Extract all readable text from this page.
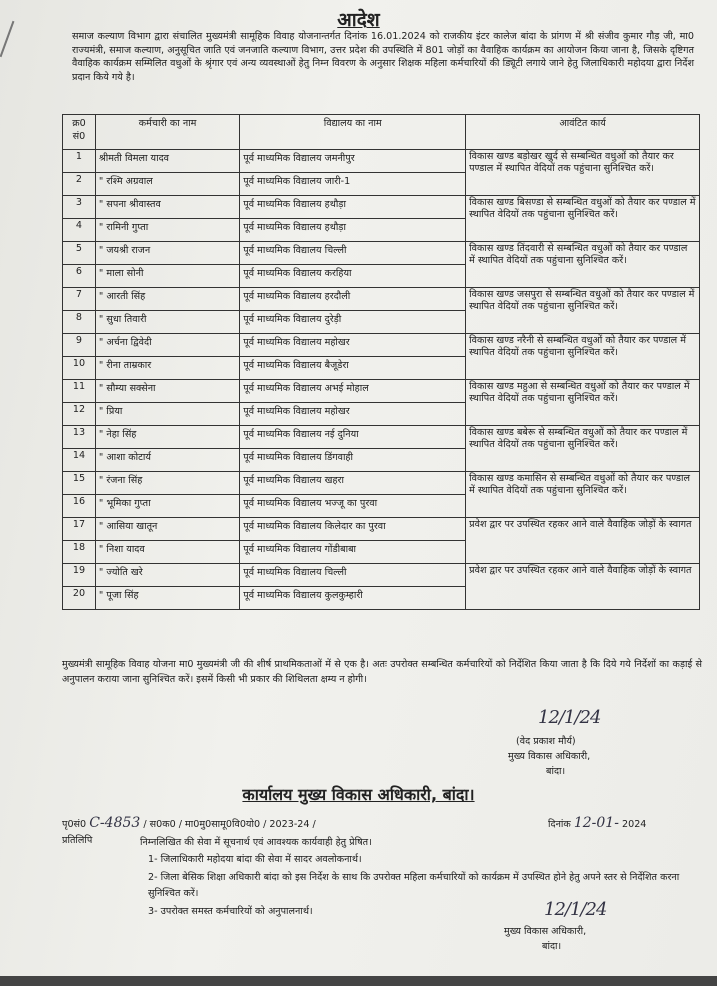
आदेश
समाज कल्याण विभाग द्वारा संचालित मुख्यमंत्री सामूहिक विवाह योजनान्तर्गत दिनांक 16.01.2024 को राजकीय इंटर कालेज बांदा के प्रांगण में श्री संजीव कुमार गौड़ जी, मा0 राज्यमंत्री, समाज कल्याण, अनुसूचित जाति एवं जनजाति कल्याण विभाग, उत्तर प्रदेश की उपस्थिति में 801 जोड़ों का वैवाहिक कार्यक्रम का आयोजन किया जाना है, जिसके दृष्टिगत वैवाहिक कार्यक्रम सम्मिलित वधुओं के श्रृंगार एवं अन्य व्यवस्थाओं हेतु निम्न विवरण के अनुसार शिक्षक महिला कर्मचारियों की ड्यिूटी लगाये जाने हेतु जिलाधिकारी महोदया द्वारा निर्देश प्रदान किये गये है।
क्र0 सं0	कर्मचारी का नाम	विद्यालय का नाम	आवंटित कार्य
1	श्रीमती विमला यादव	पूर्व माध्यमिक विद्यालय जमनीपुर	विकास खण्ड बड़ोखर खुर्द से सम्बन्धित वधुओं को तैयार कर पण्डाल में स्थापित वेदियों तक पहुंचाना सुनिश्चित करें।
2	" रश्मि अग्रवाल	पूर्व माध्यमिक विद्यालय जारी-1	
3	" सपना श्रीवास्तव	पूर्व माध्यमिक विद्यालय हथौड़ा	विकास खण्ड बिसण्डा से सम्बन्धित वधुओं को तैयार कर पण्डाल में स्थापित वेदियों तक पहुंचाना सुनिश्चित करें।
4	" रामिनी गुप्ता	पूर्व माध्यमिक विद्यालय हथौड़ा	
5	" जयश्री राजन	पूर्व माध्यमिक विद्यालय चिल्ली	विकास खण्ड तिंदवारी से सम्बन्धित वधुओं को तैयार कर पण्डाल में स्थापित वेदियों तक पहुंचाना सुनिश्चित करें।
6	" माला सोनी	पूर्व माध्यमिक विद्यालय करहिया	
7	" आरती सिंह	पूर्व माध्यमिक विद्यालय हरदौली	विकास खण्ड जसपुरा से सम्बन्धित वधुओं को तैयार कर पण्डाल में स्थापित वेदियों तक पहुंचाना सुनिश्चित करें।
8	" सुधा तिवारी	पूर्व माध्यमिक विद्यालय दुरेड़ी	
9	" अर्चना द्विवेदी	पूर्व माध्यमिक विद्यालय महोखर	विकास खण्ड नरैनी से सम्बन्धित वधुओं को तैयार कर पण्डाल में स्थापित वेदियों तक पहुंचाना सुनिश्चित करें।
10	" रीना ताम्रकार	पूर्व माध्यमिक विद्यालय बैजूडेरा	
11	" सौम्या सक्सेना	पूर्व माध्यमिक विद्यालय अभई मोहाल	विकास खण्ड महुआ से सम्बन्धित वधुओं को तैयार कर पण्डाल में स्थापित वेदियों तक पहुंचाना सुनिश्चित करें।
12	" प्रिया	पूर्व माध्यमिक विद्यालय महोखर	
13	" नेहा सिंह	पूर्व माध्यमिक विद्यालय नई दुनिया	विकास खण्ड बबेरू से सम्बन्धित वधुओं को तैयार कर पण्डाल में स्थापित वेदियों तक पहुंचाना सुनिश्चित करें।
14	" आशा कोटार्य	पूर्व माध्यमिक विद्यालय डिंगवाही	
15	" रंजना सिंह	पूर्व माध्यमिक विद्यालय खहरा	विकास खण्ड कमासिन से सम्बन्धित वधुओं को तैयार कर पण्डाल में स्थापित वेदियों तक पहुंचाना सुनिश्चित करें।
16	" भूमिका गुप्ता	पूर्व माध्यमिक विद्यालय भज्जू का पुरवा	
17	" आसिया खातून	पूर्व माध्यमिक विद्यालय किलेदार का पुरवा	प्रवेश द्वार पर उपस्थित रहकर आने वाले वैवाहिक जोड़ों के स्वागत
18	" निशा यादव	पूर्व माध्यमिक विद्यालय गोंडीबाबा	
19	" ज्योति खरे	पूर्व माध्यमिक विद्यालय चिल्ली	प्रवेश द्वार पर उपस्थित रहकर आने वाले वैवाहिक जोड़ों के स्वागत
20	" पूजा सिंह	पूर्व माध्यमिक विद्यालय कुलकुम्हारी	
मुख्यमंत्री सामूहिक विवाह योजना मा0 मुख्यमंत्री जी की शीर्ष प्राथमिकताओं में से एक है। अतः उपरोक्त सम्बन्धित कर्मचारियों को निर्देशित किया जाता है कि दिये गये निर्देशों का कड़ाई से अनुपालन कराया जाना सुनिश्चित करें। इसमें किसी भी प्रकार की शिथिलता क्षम्य न होगी।
12/1/24
(वेद प्रकाश मौर्य)
मुख्य विकास अधिकारी,
बांदा।
कार्यालय मुख्य विकास अधिकारी, बांदा।
पृ0सं0 C-4853 / स0क0 / मा0मु0सामू0वि0यो0 / 2023-24 /	दिनांक 12-01- 2024
प्रतिलिपि	निम्नलिखित की सेवा में सूचनार्थ एवं आवश्यक कार्यवाही हेतु प्रेषित।
1- जिलाधिकारी महोदया बांदा की सेवा में सादर अवलोकनार्थ।
2- जिला बेसिक शिक्षा अधिकारी बांदा को इस निर्देश के साथ कि उपरोक्त महिला कर्मचारियों को कार्यक्रम में उपस्थित होने हेतु अपने स्तर से निर्देशित करना सुनिश्चित करें।
3- उपरोक्त समस्त कर्मचारियों को अनुपालनार्थ।	12/1/24
मुख्य विकास अधिकारी,
बांदा।
